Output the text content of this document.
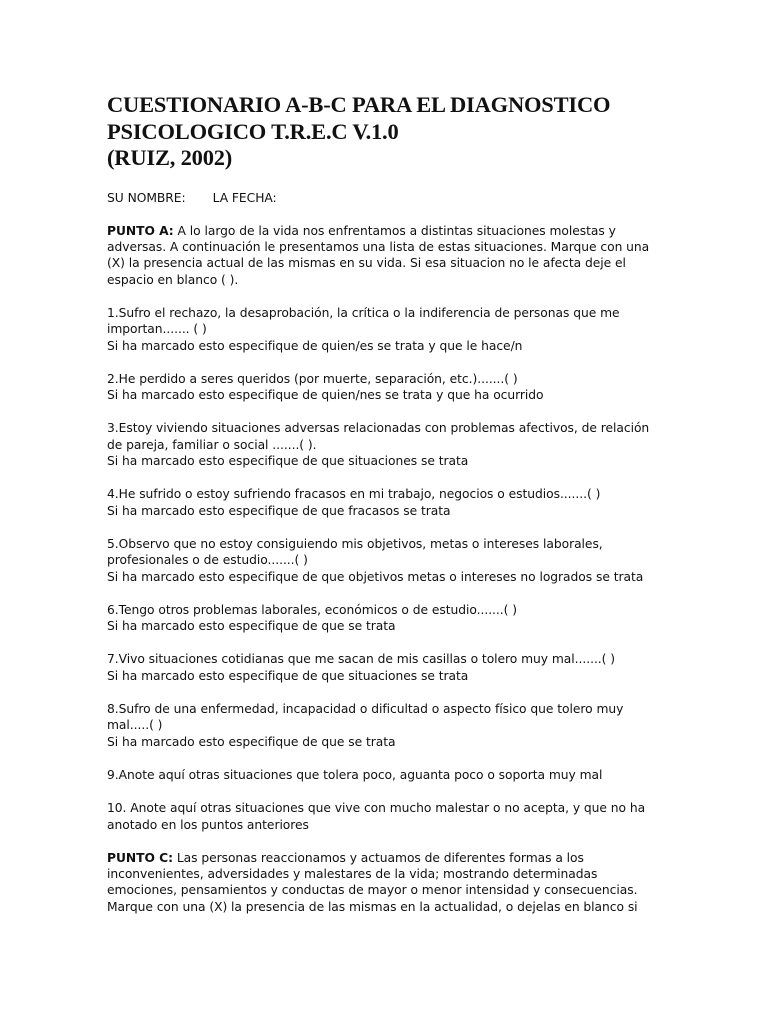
CUESTIONARIO A-B-C PARA EL DIAGNOSTICO
PSICOLOGICO T.R.E.C V.1.0
(RUIZ, 2002)
SU NOMBRE: LA FECHA:

PUNTO A: A lo largo de la vida nos enfrentamos a distintas situaciones molestas y adversas. A continuación le presentamos una lista de estas situaciones. Marque con una (X) la presencia actual de las mismas en su vida. Si esa situacion no le afecta deje el espacio en blanco ( ).

1.Sufro el rechazo, la desaprobación, la crítica o la indiferencia de personas que me importan....... ( )
Si ha marcado esto especifique de quien/es se trata y que le hace/n
2.He perdido a seres queridos (por muerte, separación, etc.).......( )
Si ha marcado esto especifique de quien/nes se trata y que ha ocurrido
3.Estoy viviendo situaciones adversas relacionadas con problemas afectivos, de relación de pareja, familiar o social .......( ).
Si ha marcado esto especifique de que situaciones se trata
4.He sufrido o estoy sufriendo fracasos en mi trabajo, negocios o estudios.......( )
Si ha marcado esto especifique de que fracasos se trata
5.Observo que no estoy consiguiendo mis objetivos, metas o intereses laborales, profesionales o de estudio.......( )
Si ha marcado esto especifique de que objetivos metas o intereses no logrados se trata
6.Tengo otros problemas laborales, económicos o de estudio.......( )
Si ha marcado esto especifique de que se trata
7.Vivo situaciones cotidianas que me sacan de mis casillas o tolero muy mal.......( )
Si ha marcado esto especifique de que situaciones se trata
8.Sufro de una enfermedad, incapacidad o dificultad o aspecto físico que tolero muy mal.....( )
Si ha marcado esto especifique de que se trata
9.Anote aquí otras situaciones que tolera poco, aguanta poco o soporta muy mal
10. Anote aquí otras situaciones que vive con mucho malestar o no acepta, y que no ha anotado en los puntos anteriores

PUNTO C: Las personas reaccionamos y actuamos de diferentes formas a los inconvenientes, adversidades y malestares de la vida; mostrando determinadas emociones, pensamientos y conductas de mayor o menor intensidad y consecuencias. Marque con una (X) la presencia de las mismas en la actualidad, o dejelas en blanco si
